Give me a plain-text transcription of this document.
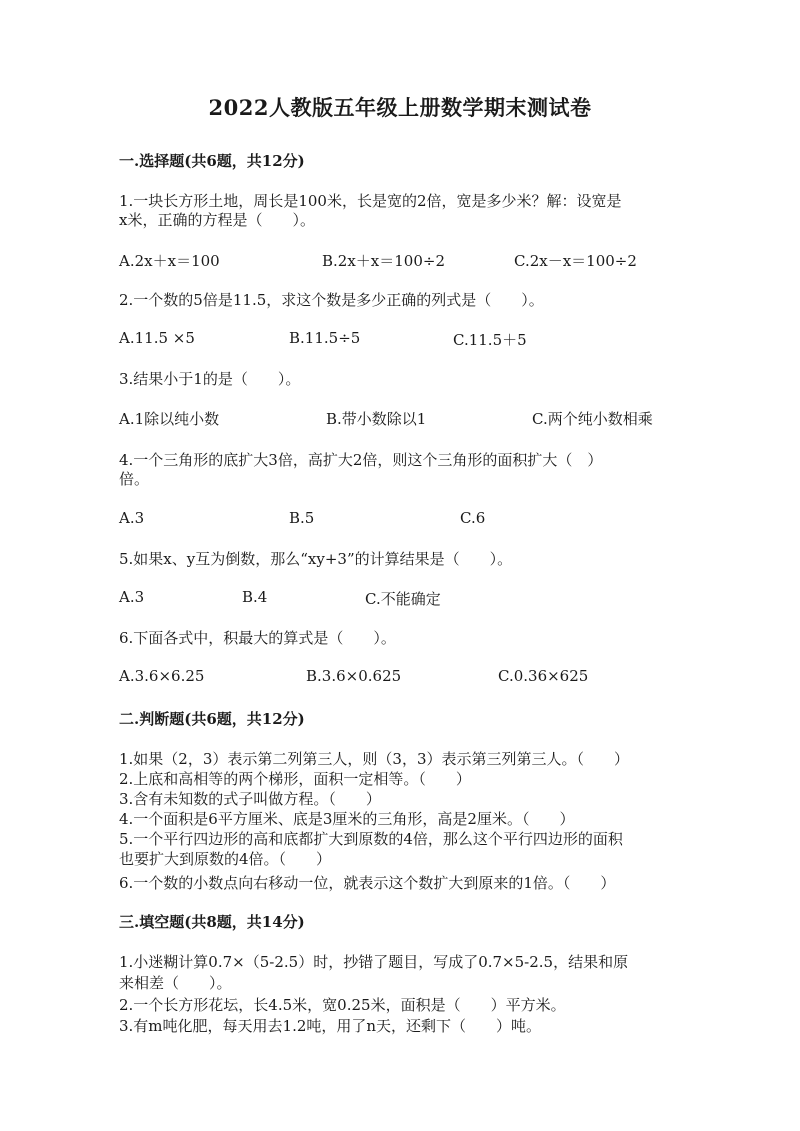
2022人教版五年级上册数学期末测试卷
一.选择题(共6题，共12分)
1.一块长方形土地，周长是100米，长是宽的2倍，宽是多少米？解：设宽是
x米，正确的方程是（　　）。
A.2x＋x＝100	B.2x＋x＝100÷2	C.2x－x＝100÷2
2.一个数的5倍是11.5，求这个数是多少正确的列式是（　　）。
A.11.5 ×5	B.11.5÷5	C.11.5＋5
3.结果小于1的是（　　）。
A.1除以纯小数	B.带小数除以1	C.两个纯小数相乘
4.一个三角形的底扩大3倍，高扩大2倍，则这个三角形的面积扩大（　）
倍。
A.3	B.5	C.6
5.如果x、y互为倒数，那么“xy+3”的计算结果是（　　）。
A.3	B.4	C.不能确定
6.下面各式中，积最大的算式是（　　）。
A.3.6×6.25	B.3.6×0.625	C.0.36×625
二.判断题(共6题，共12分)
1.如果（2，3）表示第二列第三人，则（3，3）表示第三列第三人。（　　）
2.上底和高相等的两个梯形，面积一定相等。（　　）
3.含有未知数的式子叫做方程。（　　）
4.一个面积是6平方厘米、底是3厘米的三角形，高是2厘米。（　　）
5.一个平行四边形的高和底都扩大到原数的4倍，那么这个平行四边形的面积
也要扩大到原数的4倍。（　　）
6.一个数的小数点向右移动一位，就表示这个数扩大到原来的1倍。（　　）
三.填空题(共8题，共14分)
1.小迷糊计算0.7×（5-2.5）时，抄错了题目，写成了0.7×5-2.5，结果和原
来相差（　　）。
2.一个长方形花坛，长4.5米，宽0.25米，面积是（　　）平方米。
3.有m吨化肥，每天用去1.2吨，用了n天，还剩下（　　）吨。
